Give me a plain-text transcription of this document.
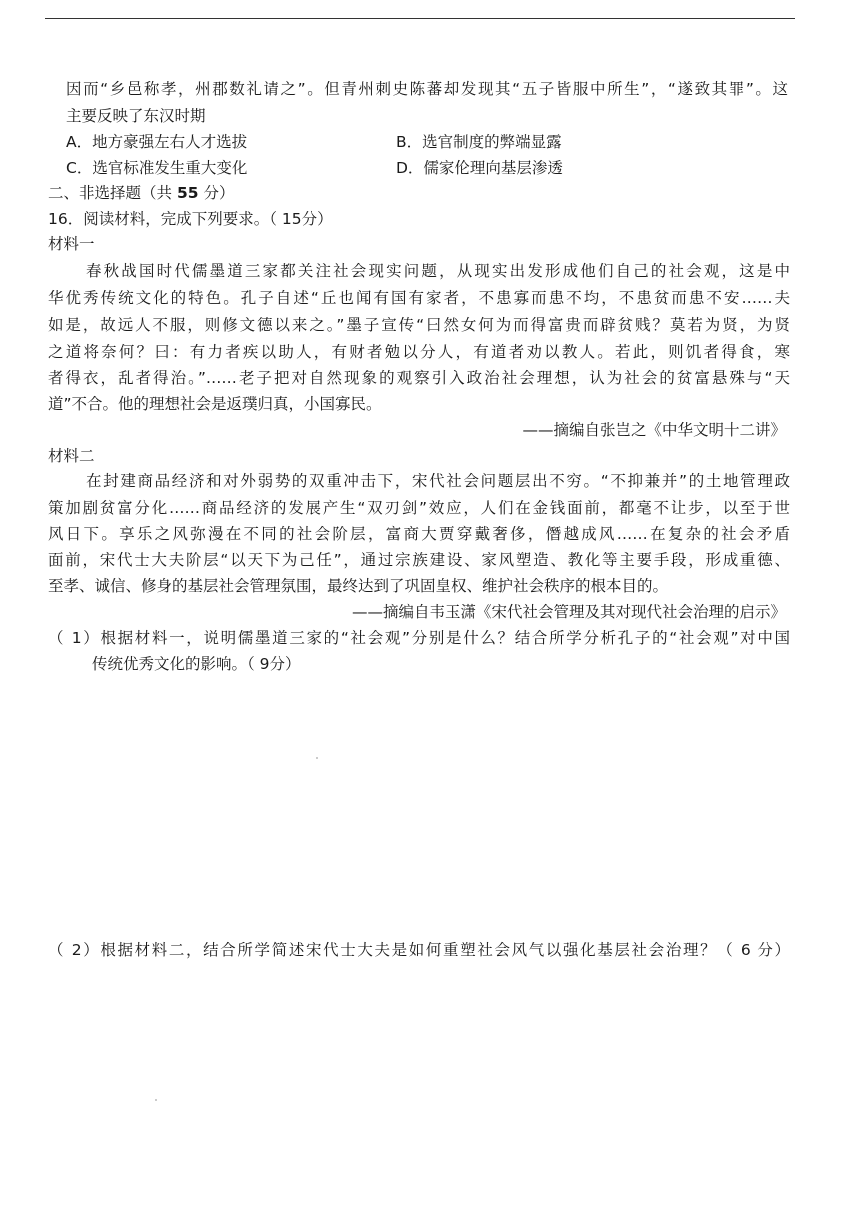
因而“乡邑称孝，州郡数礼请之”。但青州刺史陈蕃却发现其“五子皆服中所生”，“遂致其罪”。这
主要反映了东汉时期
A．地方豪强左右人才选拔	B．选官制度的弊端显露
C．选官标准发生重大变化	D．儒家伦理向基层渗透
二、非选择题（共 55 分）
16．阅读材料，完成下列要求。（ 15分）
材料一
春秋战国时代儒墨道三家都关注社会现实问题，从现实出发形成他们自己的社会观，这是中
华优秀传统文化的特色。孔子自述“丘也闻有国有家者，不患寡而患不均，不患贫而患不安……夫
如是，故远人不服，则修文德以来之。”墨子宣传“曰然女何为而得富贵而辟贫贱？莫若为贤，为贤
之道将奈何？曰：有力者疾以助人，有财者勉以分人，有道者劝以教人。若此，则饥者得食，寒
者得衣，乱者得治。”……老子把对自然现象的观察引入政治社会理想，认为社会的贫富悬殊与“天
道”不合。他的理想社会是返璞归真，小国寡民。
——摘编自张岂之《中华文明十二讲》
材料二
在封建商品经济和对外弱势的双重冲击下，宋代社会问题层出不穷。“不抑兼并”的土地管理政
策加剧贫富分化……商品经济的发展产生“双刃剑”效应，人们在金钱面前，都毫不让步，以至于世
风日下。享乐之风弥漫在不同的社会阶层，富商大贾穿戴奢侈，僭越成风……在复杂的社会矛盾
面前，宋代士大夫阶层“以天下为己任”，通过宗族建设、家风塑造、教化等主要手段，形成重德、
至孝、诚信、修身的基层社会管理氛围，最终达到了巩固皇权、维护社会秩序的根本目的。
——摘编自韦玉潇《宋代社会管理及其对现代社会治理的启示》
（ 1）根据材料一，说明儒墨道三家的“社会观”分别是什么？结合所学分析孔子的“社会观”对中国
传统优秀文化的影响。（ 9分）
（ 2）根据材料二，结合所学简述宋代士大夫是如何重塑社会风气以强化基层社会治理？（ 6 分）
